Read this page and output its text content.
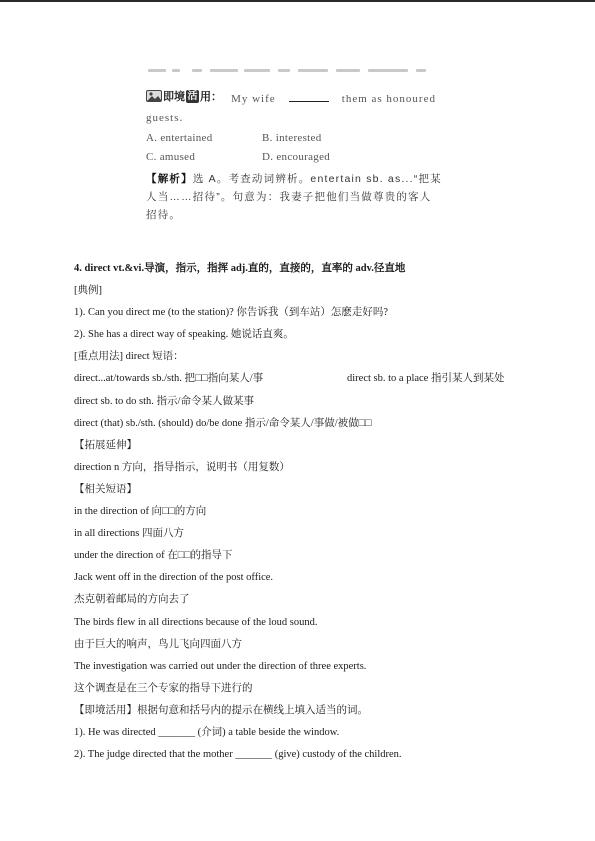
即境 活 用： My wife	them as honoured
guests.
A. entertained	B. interested
C. amused	D. encouraged
【解析】选 A。考查动词辨析。entertain sb. as...“把某
人当……招待”。句意为：我妻子把他们当做尊贵的客人
招待。
4. direct vt.&vi.导演，指示，指挥 adj.直的，直接的，直率的 adv.径直地
[典例]
1). Can you direct me (to the station)? 你告诉我（到车站）怎麽走好吗?
2). She has a direct way of speaking. 她说话直爽。
[重点用法] direct 短语：
direct...at/towards sb./sth. 把□□指向某人/事	direct sb. to a place 指引某人到某处
direct sb. to do sth. 指示/命令某人做某事
direct (that) sb./sth. (should) do/be done 指示/命令某人/事做/被做□□
【拓展延伸】
direction n 方向，指导指示，说明书（用复数）
【相关短语】
in the direction of 向□□的方向
in all directions 四面八方
under the direction of 在□□的指导下
Jack went off in the direction of the post office.
杰克朝着邮局的方向去了
The birds flew in all directions because of the loud sound.
由于巨大的响声，鸟儿飞向四面八方
The investigation was carried out under the direction of three experts.
这个调查是在三个专家的指导下进行的
【即境活用】根据句意和括号内的提示在横线上填入适当的词。
1). He was directed _______ (介词) a table beside the window.
2). The judge directed that the mother _______ (give) custody of the children.
